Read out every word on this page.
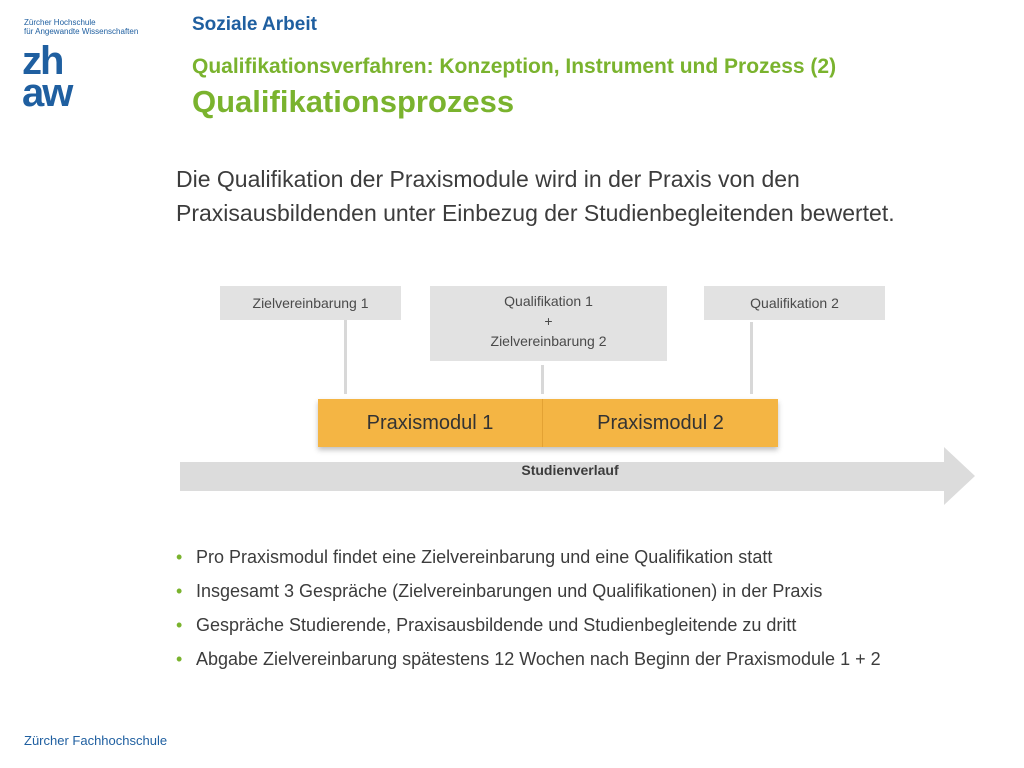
Zürcher Hochschule
für Angewandte Wissenschaften
zh
aw
Soziale Arbeit
Qualifikationsverfahren: Konzeption, Instrument und Prozess (2)
Qualifikationsprozess
Die Qualifikation der Praxismodule wird in der Praxis von den Praxisausbildenden unter Einbezug der Studienbegleitenden bewertet.
Zielvereinbarung 1	Qualifikation 1
+
Zielvereinbarung 2
Qualifikation 2
Praxismodul 1	Praxismodul 2
Studienverlauf
• Pro Praxismodul findet eine Zielvereinbarung und eine Qualifikation statt
• Insgesamt 3 Gespräche (Zielvereinbarungen und Qualifikationen) in der Praxis
• Gespräche Studierende, Praxisausbildende und Studienbegleitende zu dritt
• Abgabe Zielvereinbarung spätestens 12 Wochen nach Beginn der Praxismodule 1 + 2
Zürcher Fachhochschule
